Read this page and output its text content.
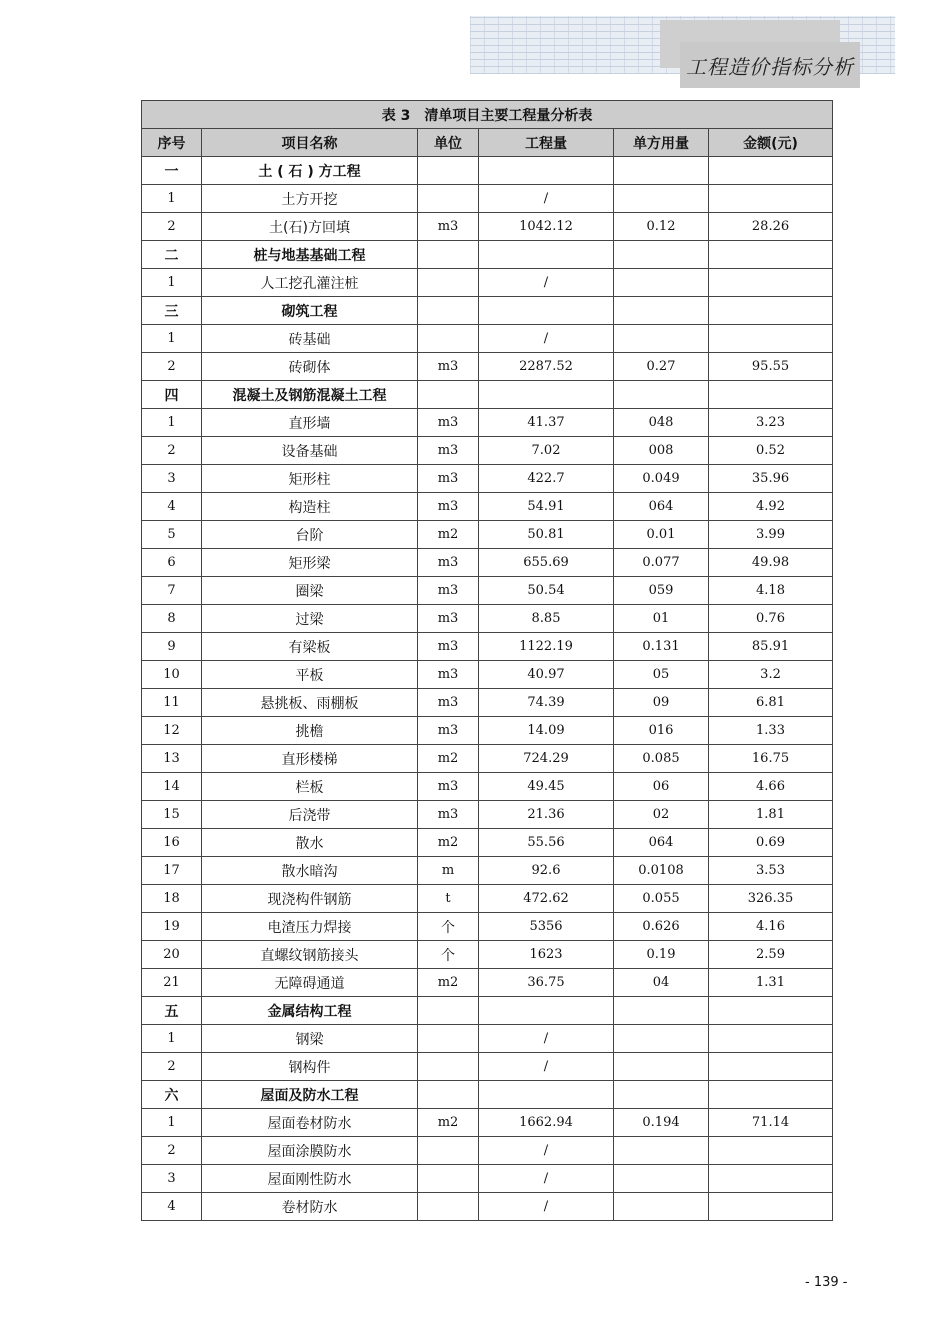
工程造价指标分析
表 3　清单项目主要工程量分析表					
序号	项目名称	单位	工程量	单方用量	金额(元)
一	土 ( 石 ) 方工程				
1	土方开挖		/		
2	土(石)方回填	m3	1042.12	0.12	28.26
二	桩与地基基础工程				
1	人工挖孔灌注桩		/		
三	砌筑工程				
1	砖基础		/		
2	砖砌体	m3	2287.52	0.27	95.55
四	混凝土及钢筋混凝土工程				
1	直形墙	m3	41.37	048	3.23
2	设备基础	m3	7.02	008	0.52
3	矩形柱	m3	422.7	0.049	35.96
4	构造柱	m3	54.91	064	4.92
5	台阶	m2	50.81	0.01	3.99
6	矩形梁	m3	655.69	0.077	49.98
7	圈梁	m3	50.54	059	4.18
8	过梁	m3	8.85	01	0.76
9	有梁板	m3	1122.19	0.131	85.91
10	平板	m3	40.97	05	3.2
11	悬挑板、雨棚板	m3	74.39	09	6.81
12	挑檐	m3	14.09	016	1.33
13	直形楼梯	m2	724.29	0.085	16.75
14	栏板	m3	49.45	06	4.66
15	后浇带	m3	21.36	02	1.81
16	散水	m2	55.56	064	0.69
17	散水暗沟	m	92.6	0.0108	3.53
18	现浇构件钢筋	t	472.62	0.055	326.35
19	电渣压力焊接	个	5356	0.626	4.16
20	直螺纹钢筋接头	个	1623	0.19	2.59
21	无障碍通道	m2	36.75	04	1.31
五	金属结构工程				
1	钢梁		/		
2	钢构件		/		
六	屋面及防水工程				
1	屋面卷材防水	m2	1662.94	0.194	71.14
2	屋面涂膜防水		/		
3	屋面刚性防水		/		
4	卷材防水		/		
- 139 -
